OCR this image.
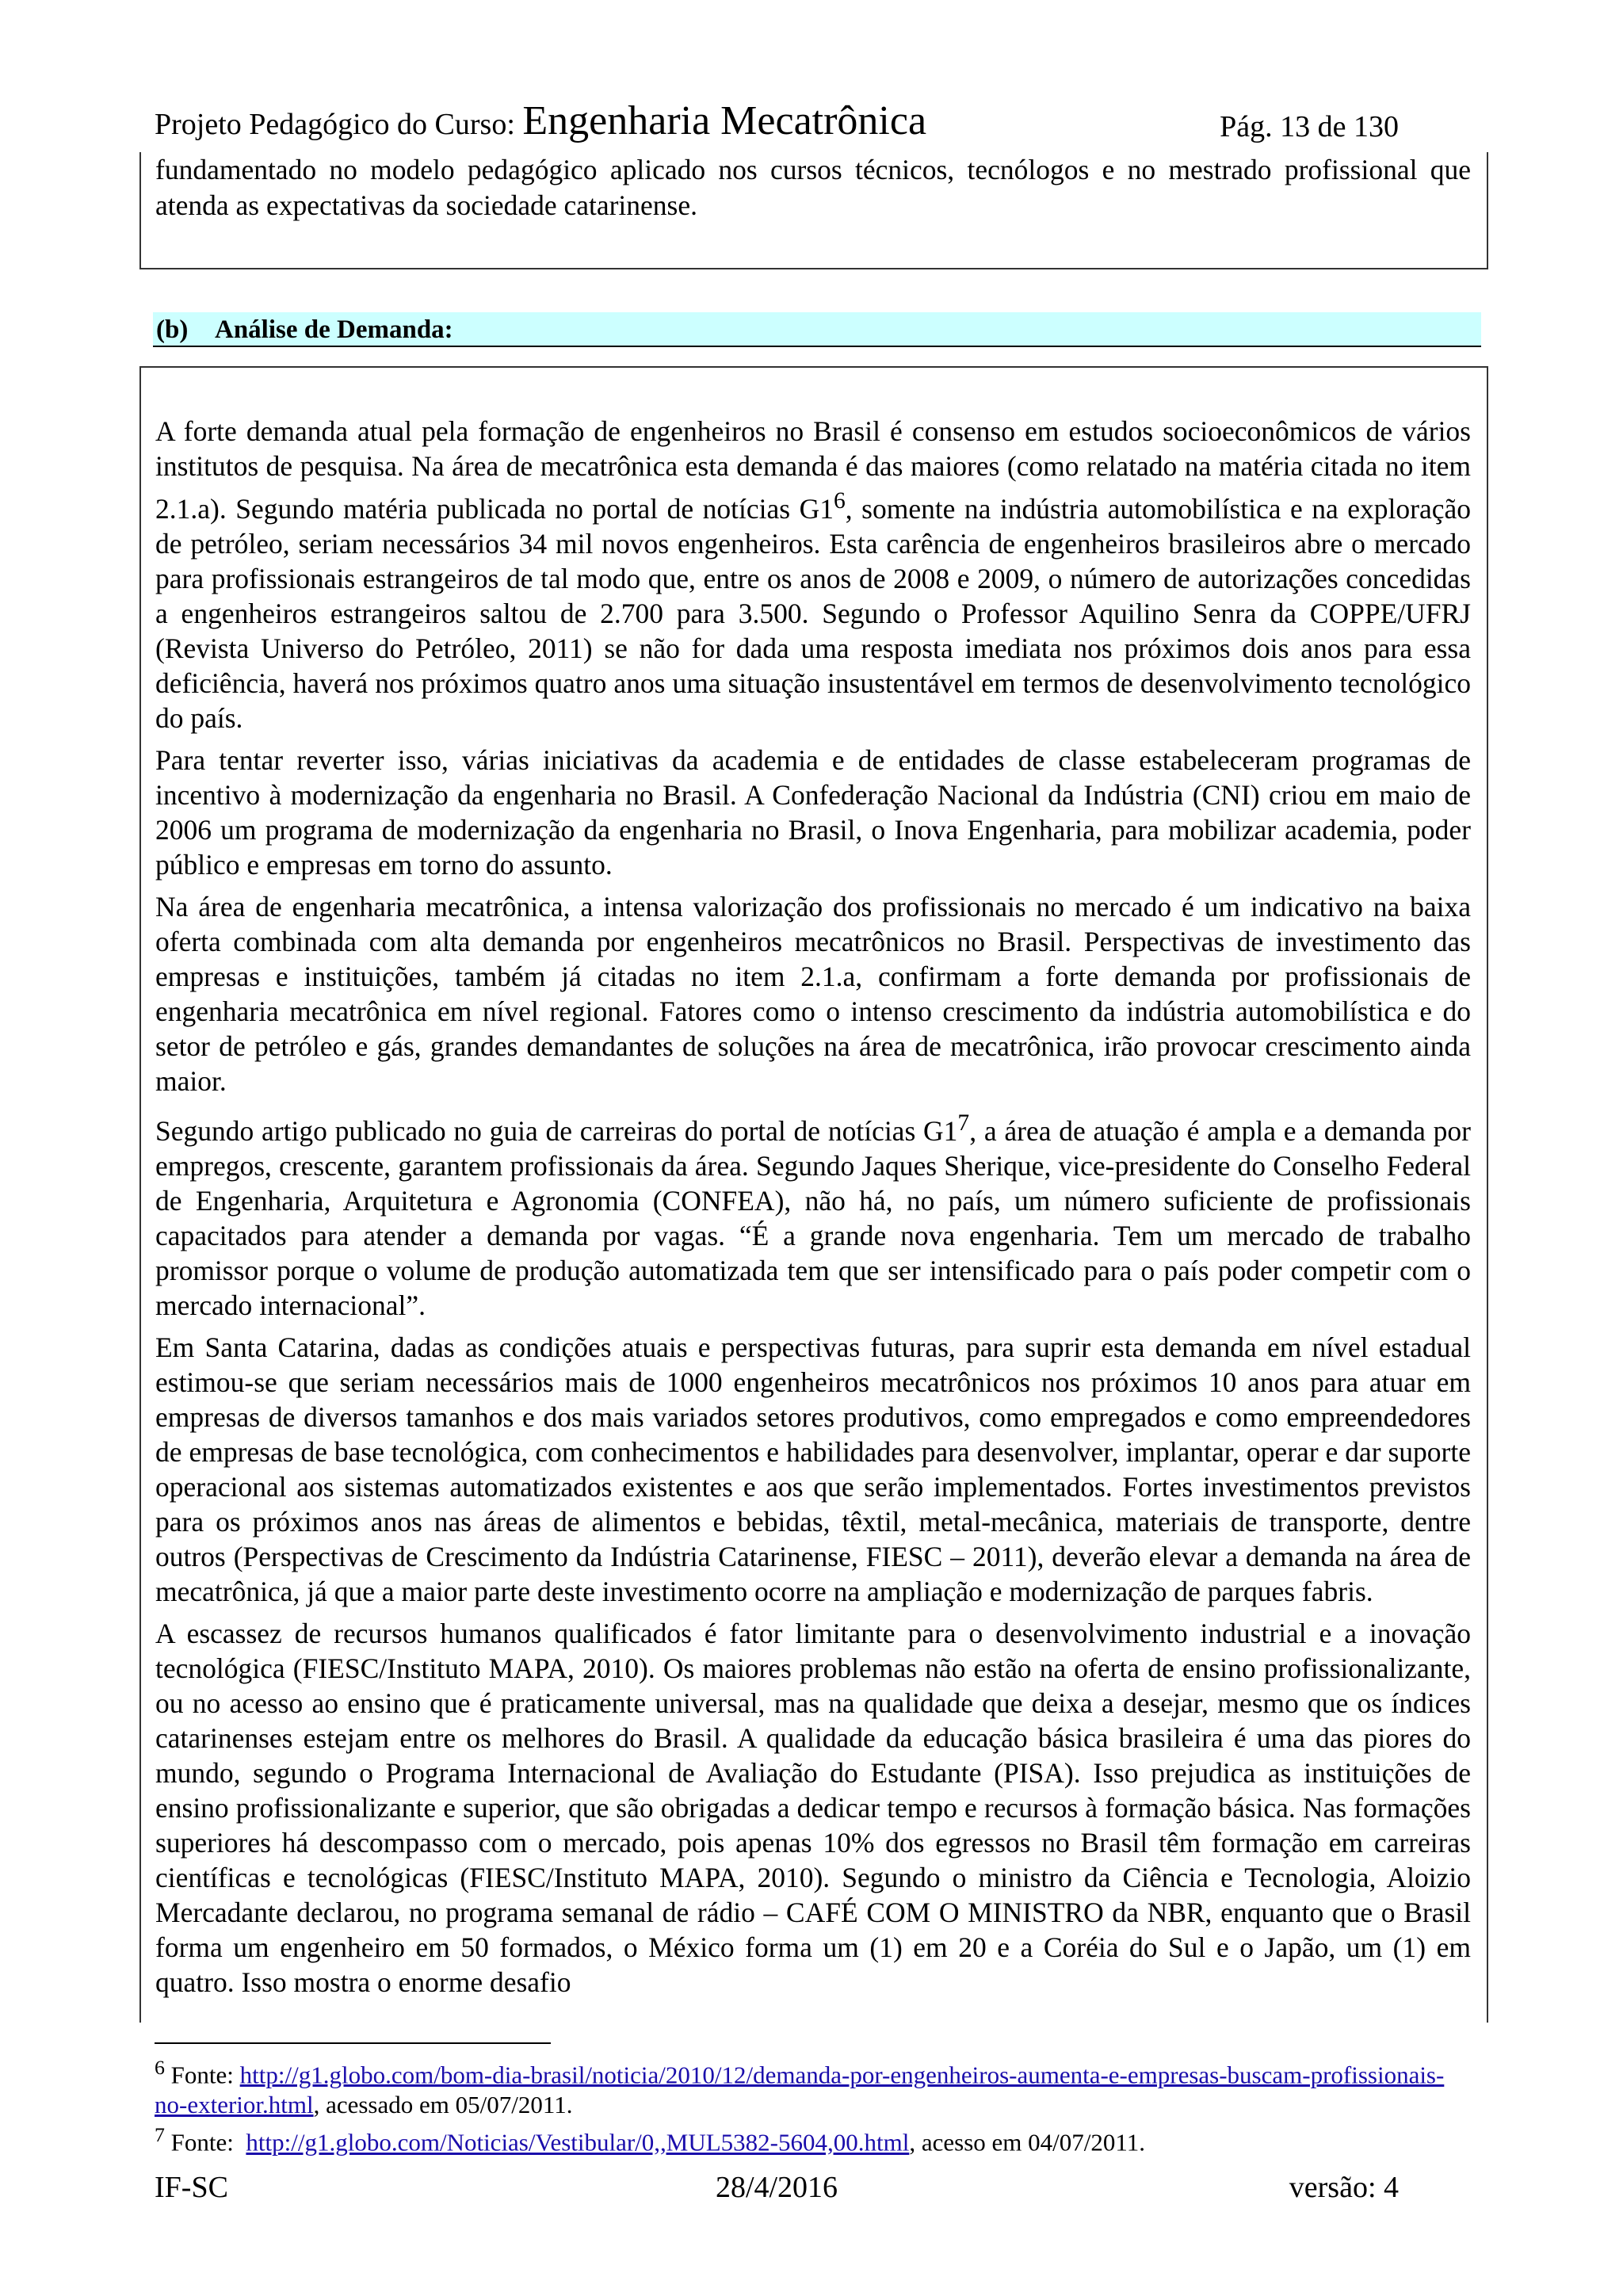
Projeto Pedagógico do Curso: Engenharia Mecatrônica	Pág. 13 de 130

fundamentado no modelo pedagógico aplicado nos cursos técnicos, tecnólogos e no mestrado profissional que atenda as expectativas da sociedade catarinense.

(b) Análise de Demanda:

A forte demanda atual pela formação de engenheiros no Brasil é consenso em estudos socioeconômicos de vários institutos de pesquisa. Na área de mecatrônica esta demanda é das maiores (como relatado na matéria citada no item 2.1.a). Segundo matéria publicada no portal de notícias $G1^6$, somente na indústria automobilística e na exploração de petróleo, seriam necessários 34 mil novos engenheiros. Esta carência de engenheiros brasileiros abre o mercado para profissionais estrangeiros de tal modo que, entre os anos de 2008 e 2009, o número de autorizações concedidas a engenheiros estrangeiros saltou de 2.700 para 3.500. Segundo o Professor Aquilino Senra da COPPE/UFRJ (Revista Universo do Petróleo, 2011) se não for dada uma resposta imediata nos próximos dois anos para essa deficiência, haverá nos próximos quatro anos uma situação insustentável em termos de desenvolvimento tecnológico do país.

Para tentar reverter isso, várias iniciativas da academia e de entidades de classe estabeleceram programas de incentivo à modernização da engenharia no Brasil. A Confederação Nacional da Indústria (CNI) criou em maio de 2006 um programa de modernização da engenharia no Brasil, o Inova Engenharia, para mobilizar academia, poder público e empresas em torno do assunto.

Na área de engenharia mecatrônica, a intensa valorização dos profissionais no mercado é um indicativo na baixa oferta combinada com alta demanda por engenheiros mecatrônicos no Brasil. Perspectivas de investimento das empresas e instituições, também já citadas no item 2.1.a, confirmam a forte demanda por profissionais de engenharia mecatrônica em nível regional. Fatores como o intenso crescimento da indústria automobilística e do setor de petróleo e gás, grandes demandantes de soluções na área de mecatrônica, irão provocar crescimento ainda maior.

Segundo artigo publicado no guia de carreiras do portal de notícias $G1^7$, a área de atuação é ampla e a demanda por empregos, crescente, garantem profissionais da área. Segundo Jaques Sherique, vice-presidente do Conselho Federal de Engenharia, Arquitetura e Agronomia (CONFEA), não há, no país, um número suficiente de profissionais capacitados para atender a demanda por vagas. “É a grande nova engenharia. Tem um mercado de trabalho promissor porque o volume de produção automatizada tem que ser intensificado para o país poder competir com o mercado internacional”.

Em Santa Catarina, dadas as condições atuais e perspectivas futuras, para suprir esta demanda em nível estadual estimou-se que seriam necessários mais de 1000 engenheiros mecatrônicos nos próximos 10 anos para atuar em empresas de diversos tamanhos e dos mais variados setores produtivos, como empregados e como empreendedores de empresas de base tecnológica, com conhecimentos e habilidades para desenvolver, implantar, operar e dar suporte operacional aos sistemas automatizados existentes e aos que serão implementados. Fortes investimentos previstos para os próximos anos nas áreas de alimentos e bebidas, têxtil, metal-mecânica, materiais de transporte, dentre outros (Perspectivas de Crescimento da Indústria Catarinense, FIESC – 2011), deverão elevar a demanda na área de mecatrônica, já que a maior parte deste investimento ocorre na ampliação e modernização de parques fabris.

A escassez de recursos humanos qualificados é fator limitante para o desenvolvimento industrial e a inovação tecnológica (FIESC/Instituto MAPA, 2010). Os maiores problemas não estão na oferta de ensino profissionalizante, ou no acesso ao ensino que é praticamente universal, mas na qualidade que deixa a desejar, mesmo que os índices catarinenses estejam entre os melhores do Brasil. A qualidade da educação básica brasileira é uma das piores do mundo, segundo o Programa Internacional de Avaliação do Estudante (PISA). Isso prejudica as instituições de ensino profissionalizante e superior, que são obrigadas a dedicar tempo e recursos à formação básica. Nas formações superiores há descompasso com o mercado, pois apenas 10% dos egressos no Brasil têm formação em carreiras científicas e tecnológicas (FIESC/Instituto MAPA, 2010). Segundo o ministro da Ciência e Tecnologia, Aloizio Mercadante declarou, no programa semanal de rádio – CAFÉ COM O MINISTRO da NBR, enquanto que o Brasil forma um engenheiro em 50 formados, o México forma um (1) em 20 e a Coréia do Sul e o Japão, um (1) em quatro. Isso mostra o enorme desafio

$^6$ Fonte: http://g1.globo.com/bom-dia-brasil/noticia/2010/12/demanda-por-engenheiros-aumenta-e-empresas-buscam-profissionais-no-exterior.html, acessado em 05/07/2011.

$^7$ Fonte:  http://g1.globo.com/Noticias/Vestibular/0,,MUL5382-5604,00.html, acesso em 04/07/2011.

IF-SC	28/4/2016	versão: 4
